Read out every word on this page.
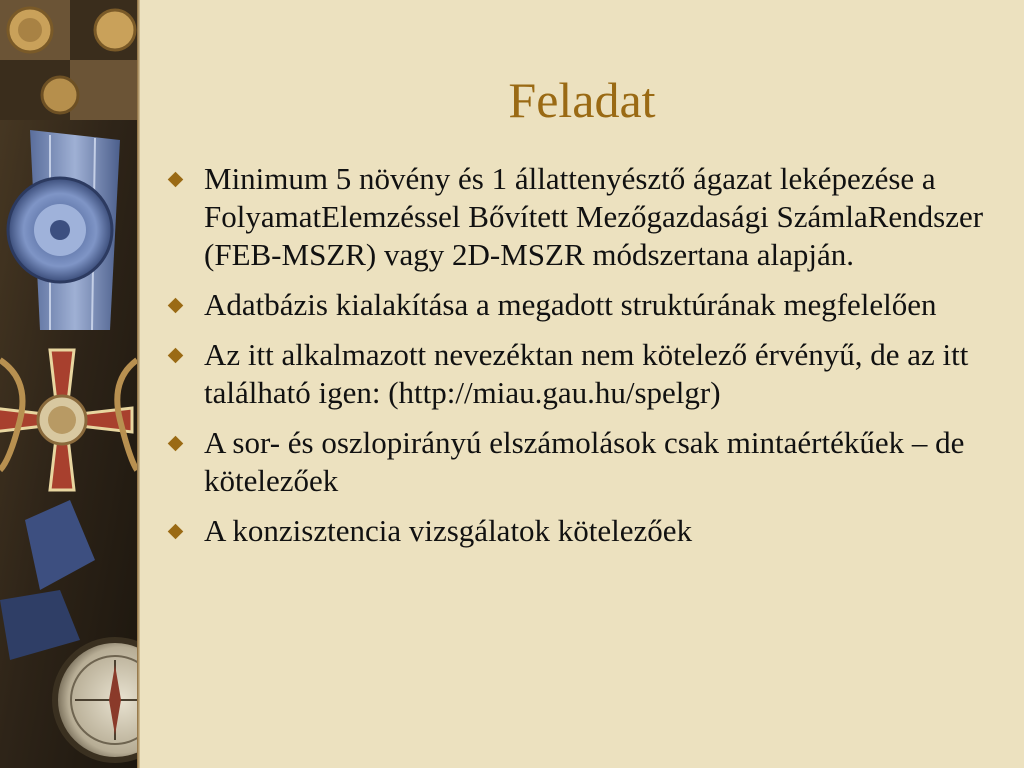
Feladat
Minimum 5 növény és 1 állattenyésztő ágazat leképezése a FolyamatElemzéssel Bővített Mezőgazdasági SzámlaRendszer (FEB-MSZR) vagy 2D-MSZR módszertana alapján.
Adatbázis kialakítása a megadott struktúrának megfelelően
Az itt alkalmazott nevezéktan nem kötelező érvényű, de az itt található igen: (http://miau.gau.hu/spelgr)
A sor- és oszlopirányú elszámolások csak mintaértékűek – de kötelezőek
A konzisztencia vizsgálatok kötelezőek
